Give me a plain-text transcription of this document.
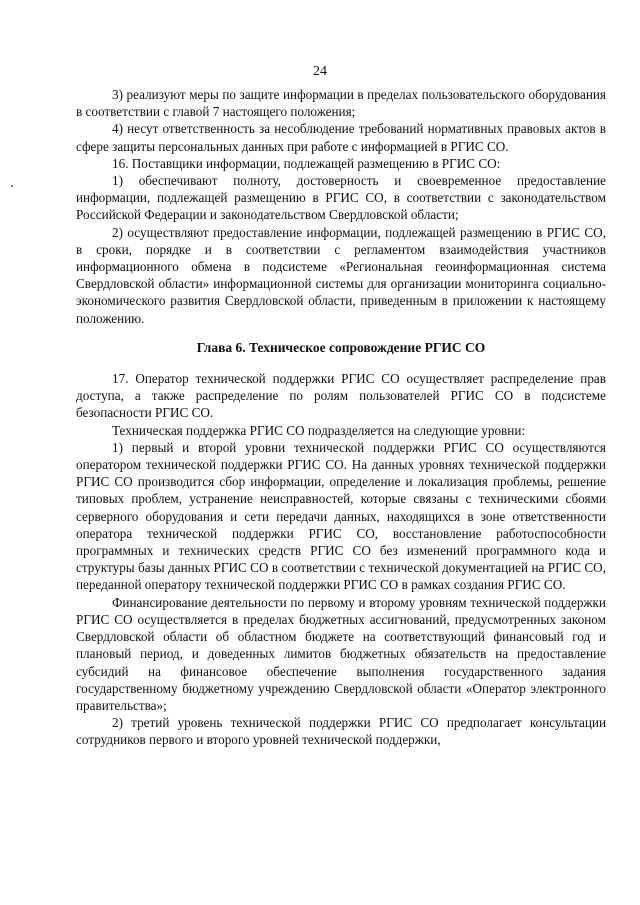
24

3) реализуют меры по защите информации в пределах пользовательского оборудования в соответствии с главой 7 настоящего положения;

4) несут ответственность за несоблюдение требований нормативных правовых актов в сфере защиты персональных данных при работе с информацией в РГИС СО.

16. Поставщики информации, подлежащей размещению в РГИС СО:

1) обеспечивают полноту, достоверность и своевременное предоставление информации, подлежащей размещению в РГИС СО, в соответствии с законодательством Российской Федерации и законодательством Свердловской области;

2) осуществляют предоставление информации, подлежащей размещению в РГИС СО, в сроки, порядке и в соответствии с регламентом взаимодействия участников информационного обмена в подсистеме «Региональная геоинформационная система Свердловской области» информационной системы для организации мониторинга социально-экономического развития Свердловской области, приведенным в приложении к настоящему положению.

Глава 6. Техническое сопровождение РГИС СО

17. Оператор технической поддержки РГИС СО осуществляет распределение прав доступа, а также распределение по ролям пользователей РГИС СО в подсистеме безопасности РГИС СО.

Техническая поддержка РГИС СО подразделяется на следующие уровни:

1) первый и второй уровни технической поддержки РГИС СО осуществляются оператором технической поддержки РГИС СО. На данных уровнях технической поддержки РГИС СО производится сбор информации, определение и локализация проблемы, решение типовых проблем, устранение неисправностей, которые связаны с техническими сбоями серверного оборудования и сети передачи данных, находящихся в зоне ответственности оператора технической поддержки РГИС СО, восстановление работоспособности программных и технических средств РГИС СО без изменений программного кода и структуры базы данных РГИС СО в соответствии с технической документацией на РГИС СО, переданной оператору технической поддержки РГИС СО в рамках создания РГИС СО.

Финансирование деятельности по первому и второму уровням технической поддержки РГИС СО осуществляется в пределах бюджетных ассигнований, предусмотренных законом Свердловской области об областном бюджете на соответствующий финансовый год и плановый период, и доведенных лимитов бюджетных обязательств на предоставление субсидий на финансовое обеспечение выполнения государственного задания государственному бюджетному учреждению Свердловской области «Оператор электронного правительства»;

2) третий уровень технической поддержки РГИС СО предполагает консультации сотрудников первого и второго уровней технической поддержки,
